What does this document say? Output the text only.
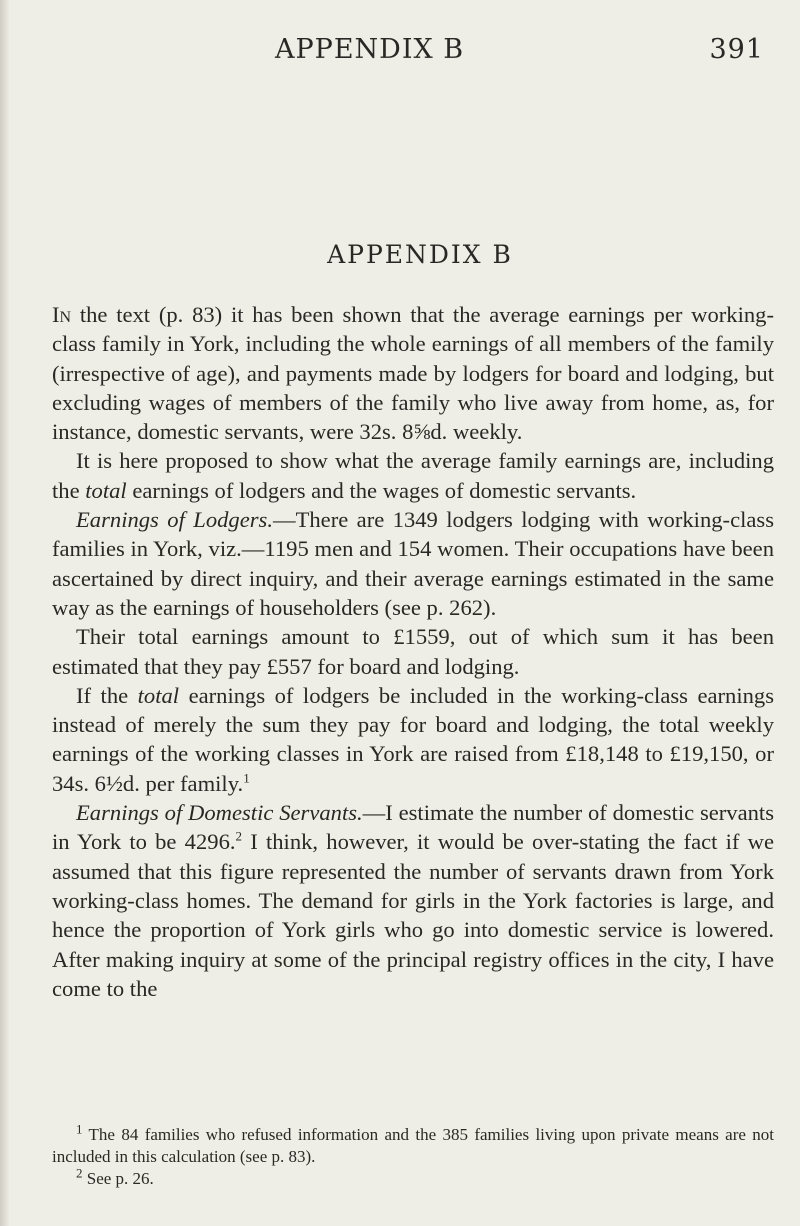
APPENDIX B	391
APPENDIX B

In the text (p. 83) it has been shown that the average earnings per working-class family in York, including the whole earnings of all members of the family (irrespective of age), and payments made by lodgers for board and lodging, but excluding wages of members of the family who live away from home, as, for instance, domestic servants, were 32s. 8⅝d. weekly.

It is here proposed to show what the average family earnings are, including the total earnings of lodgers and the wages of domestic servants.

Earnings of Lodgers.—There are 1349 lodgers lodging with working-class families in York, viz.—1195 men and 154 women. Their occupations have been ascertained by direct inquiry, and their average earnings estimated in the same way as the earnings of householders (see p. 262).

Their total earnings amount to £1559, out of which sum it has been estimated that they pay £557 for board and lodging.

If the total earnings of lodgers be included in the working-class earnings instead of merely the sum they pay for board and lodging, the total weekly earnings of the working classes in York are raised from £18,148 to £19,150, or 34s. 6½d. per family.$^1$

Earnings of Domestic Servants.—I estimate the number of domestic servants in York to be 4296.$^2$ I think, however, it would be over-stating the fact if we assumed that this figure represented the number of servants drawn from York working-class homes. The demand for girls in the York factories is large, and hence the proportion of York girls who go into domestic service is lowered. After making inquiry at some of the principal registry offices in the city, I have come to the

$^1$ The 84 families who refused information and the 385 families living upon private means are not included in this calculation (see p. 83).

$^2$ See p. 26.
